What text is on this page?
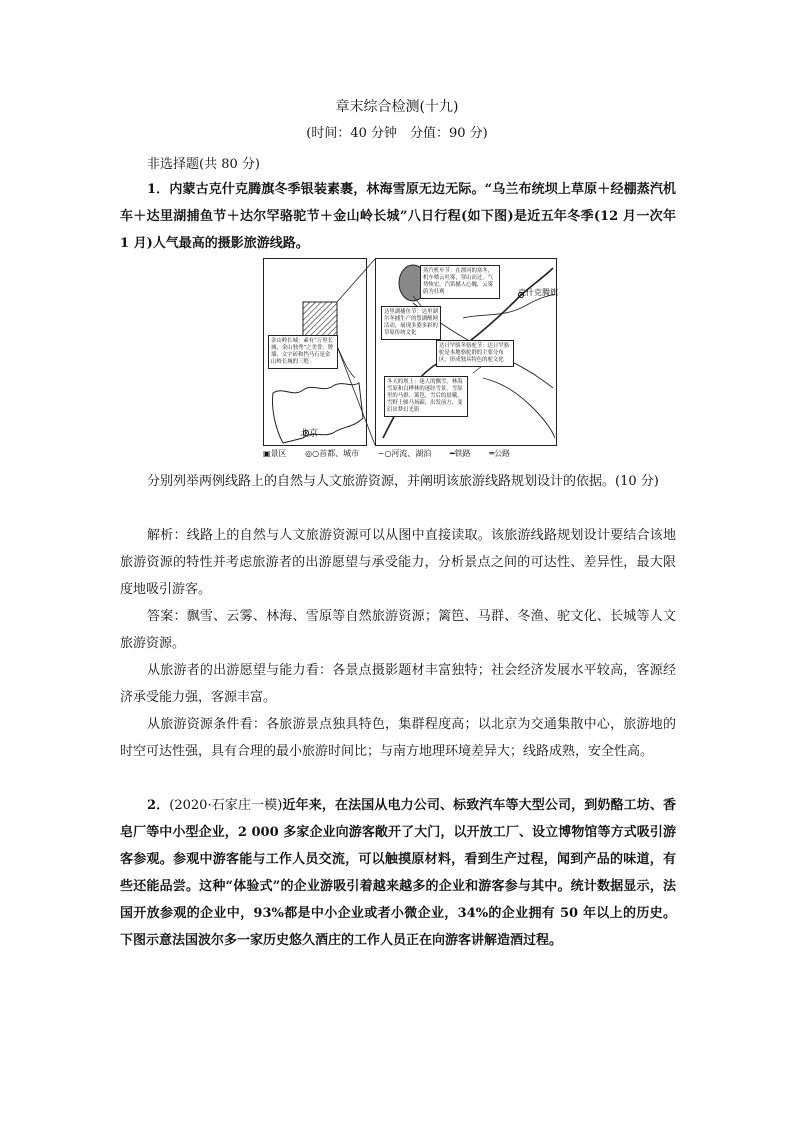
章末综合检测(十九)
(时间：40 分钟　分值：90 分)
非选择题(共 80 分)

1．内蒙古克什克腾旗冬季银装素裹，林海雪原无边无际。“乌兰布统坝上草原＋经棚蒸汽机车＋达里湖捕鱼节＋达尔罕骆驼节＋金山岭长城”八日行程(如下图)是近五年冬季(12 月一次年 1 月)人气最高的摄影旅游线路。

金山岭长城：素有“万里长城，金山独秀”之美誉，牌墙、文字砖和挡马石是金山岭长城的三绝
蒸汽机车节：在漂河的寒冬，机车喷云吐雾，穿山而过，气势恢宏，汽笛撼人心魄，云雾蔚为壮观
达里湖捕鱼节：达里湖尔冬捕生产的祭湖醒网活动，展现多姿多彩的草原传统文化
达日罕骆冬骆驼节：达日罕骆驼是本地骆驼群的主要分布区，形成独具特色的驼文化
冬天的坝上：迷人的飘雪，林海雪原和白桦林的迷经雪景，雪原里的马群、篱笆，雪后的晨曦，雪野上骏马扬蹄，出发前方，变幻出梦幻光影
北京
克什克腾旗
▣景区 ◎○首都、城市 ∽○河流、湖泊 ━铁路 ═公路

分别列举两例线路上的自然与人文旅游资源，并阐明该旅游线路规划设计的依据。(10 分)

解析：线路上的自然与人文旅游资源可以从图中直接读取。该旅游线路规划设计要结合该地旅游资源的特性并考虑旅游者的出游愿望与承受能力，分析景点之间的可达性、差异性，最大限度地吸引游客。

答案：飘雪、云雾、林海、雪原等自然旅游资源；篱笆、马群、冬渔、驼文化、长城等人文旅游资源。

从旅游者的出游愿望与能力看：各景点摄影题材丰富独特；社会经济发展水平较高，客源经济承受能力强，客源丰富。

从旅游资源条件看：各旅游景点独具特色，集群程度高；以北京为交通集散中心，旅游地的时空可达性强，具有合理的最小旅游时间比；与南方地理环境差异大；线路成熟，安全性高。

2．(2020·石家庄一模)近年来，在法国从电力公司、标致汽车等大型公司，到奶酪工坊、香皂厂等中小型企业，2 000 多家企业向游客敞开了大门，以开放工厂、设立博物馆等方式吸引游客参观。参观中游客能与工作人员交流，可以触摸原材料，看到生产过程，闻到产品的味道，有些还能品尝。这种“体验式”的企业游吸引着越来越多的企业和游客参与其中。统计数据显示，法国开放参观的企业中，93%都是中小企业或者小微企业，34%的企业拥有 50 年以上的历史。下图示意法国波尔多一家历史悠久酒庄的工作人员正在向游客讲解造酒过程。
